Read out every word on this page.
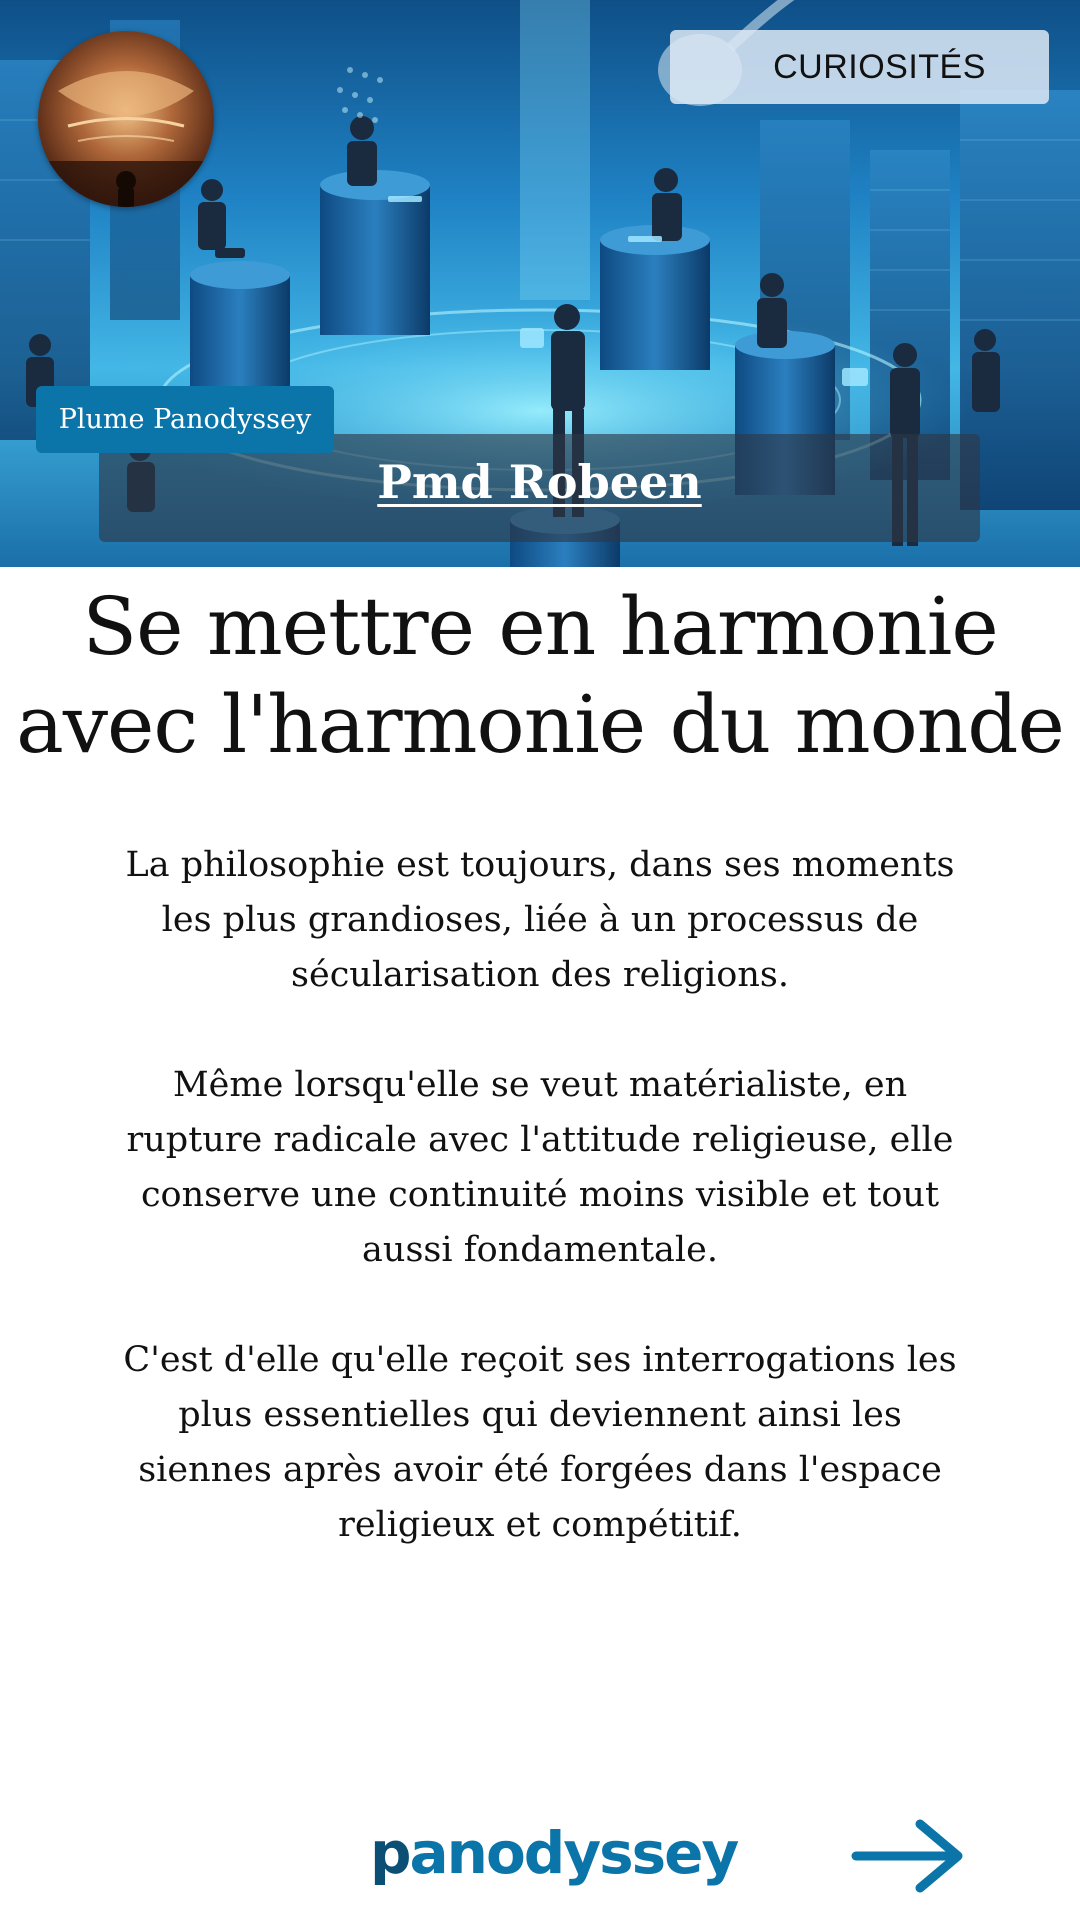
CURIOSITÉS
Pmd Robeen
Plume Panodyssey
Se mettre en harmonie avec l'harmonie du monde

La philosophie est toujours, dans ses moments les plus grandioses, liée à un processus de sécularisation des religions.

Même lorsqu'elle se veut matérialiste, en rupture radicale avec l'attitude religieuse, elle conserve une continuité moins visible et tout aussi fondamentale.

C'est d'elle qu'elle reçoit ses interrogations les plus essentielles qui deviennent ainsi les siennes après avoir été forgées dans l'espace religieux et compétitif.

p anodyssey
